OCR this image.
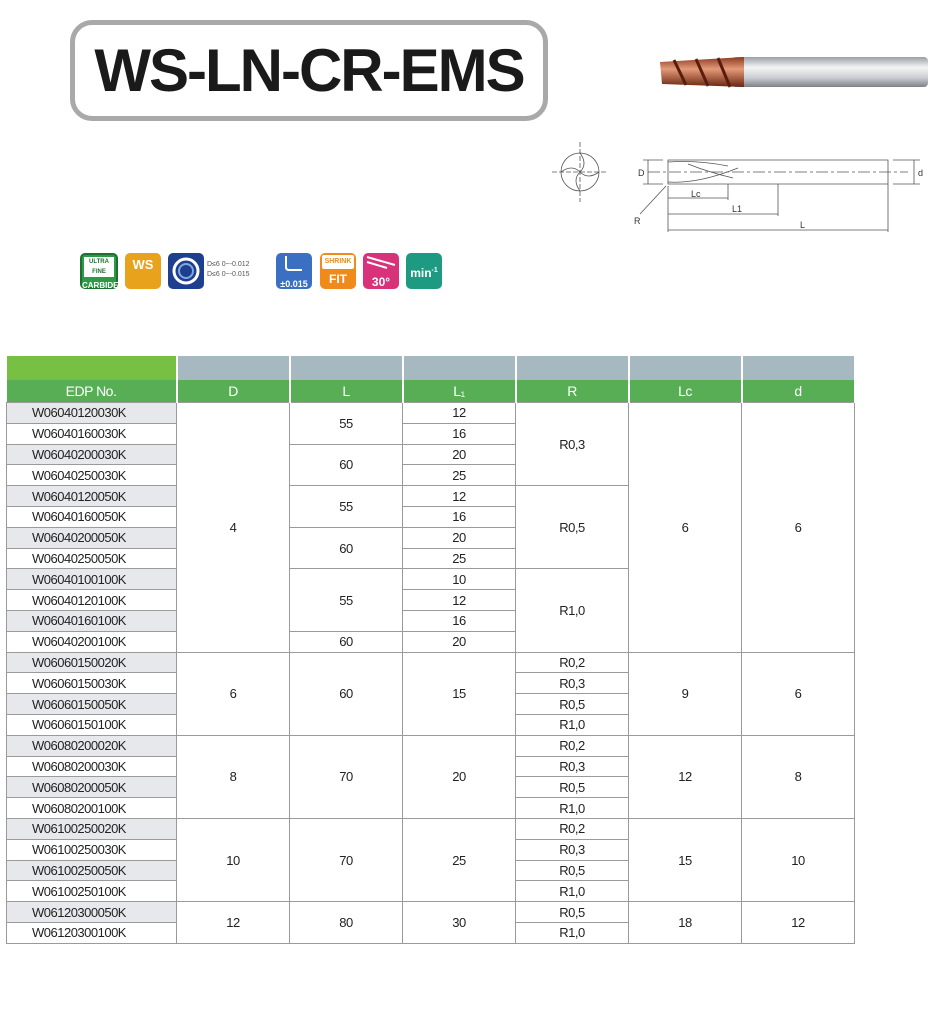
WS-LN-CR-EMS
D	d
Lc
L1
L
R
ULTRA FINE
CARBIDE
WS	D≤6 0~-0.012
D≤6 0~-0.015
±0.015
SHRINK
FIT	30°
$\min^{-1}$

EDP No.	D	L	L₁	R	Lc	d
W06040120030K	4	55	12	R0,3	6	6
W06040160030K			16			
W06040200030K		60	20			
W06040250030K			25			
W06040120050K		55	12	R0,5		
W06040160050K			16			
W06040200050K		60	20			
W06040250050K			25			
W06040100100K		55	10	R1,0		
W06040120100K			12			
W06040160100K			16			
W06040200100K		60	20			
W06060150020K	6	60	15	R0,2	9	6
W06060150030K				R0,3		
W06060150050K				R0,5		
W06060150100K				R1,0		
W06080200020K	8	70	20	R0,2	12	8
W06080200030K				R0,3		
W06080200050K				R0,5		
W06080200100K				R1,0		
W06100250020K	10	70	25	R0,2	15	10
W06100250030K				R0,3		
W06100250050K				R0,5		
W06100250100K				R1,0		
W06120300050K	12	80	30	R0,5	18	12
W06120300100K				R1,0		
